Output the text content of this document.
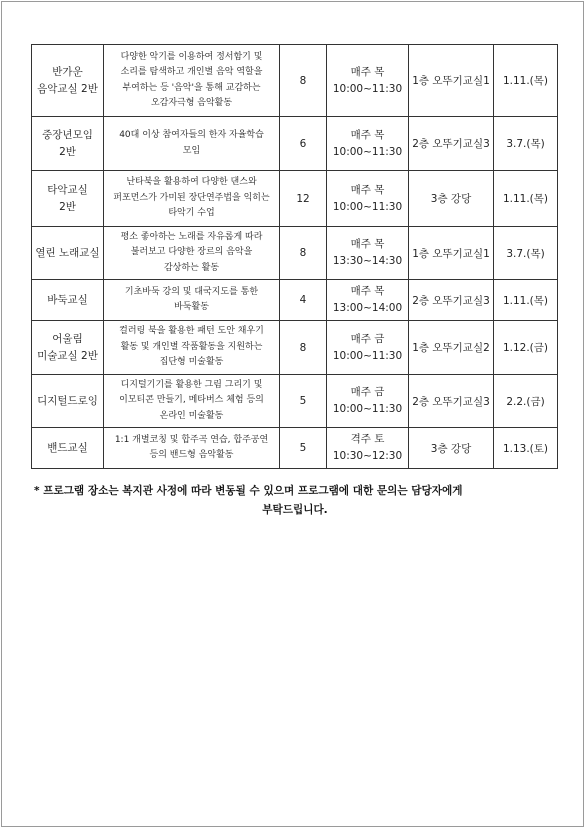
반가운
음악교실 2반	다양한 악기를 이용하여 정서함기 및
소리를 탐색하고 개인별 음악 역할을
부여하는 등 '음악'을 통해 교감하는
오감자극형 음악활동	8	매주 목
10:00~11:30	1층 오뚜기교실1	1.11.(목)

중장년모임
2반	40대 이상 참여자들의 한자 자율학습
모임	6	매주 목
10:00~11:30	2층 오뚜기교실3	3.7.(목)

타악교실
2반	난타북을 활용하여 다양한 댄스와
퍼포먼스가 가미된 장단연주법을 익히는
타악기 수업	12	매주 목
10:00~11:30	3층 강당	1.11.(목)

열린 노래교실	평소 좋아하는 노래를 자유롭게 따라
불러보고 다양한 장르의 음악을
감상하는 활동	8	매주 목
13:30~14:30	1층 오뚜기교실1	3.7.(목)

바둑교실	기초바둑 강의 및 대국지도를 통한
바둑활동	4	매주 목
13:00~14:00	2층 오뚜기교실3	1.11.(목)

어울림
미술교실 2반	컬러링 북을 활용한 패턴 도안 채우기
활동 및 개인별 작품활동을 지원하는
집단형 미술활동	8	매주 금
10:00~11:30	1층 오뚜기교실2	1.12.(금)

디지털드로잉	디지털기기를 활용한 그림 그리기 및
이모티콘 만들기, 메타버스 체험 등의
온라인 미술활동	5	매주 금
10:00~11:30	2층 오뚜기교실3	2.2.(금)

밴드교실	1:1 개별코칭 및 합주곡 연습, 합주공연
등의 밴드형 음악활동	5	격주 토
10:30~12:30	3층 강당	1.13.(토)
* 프로그램 장소는 복지관 사정에 따라 변동될 수 있으며 프로그램에 대한 문의는 담당자에게
부탁드립니다.
